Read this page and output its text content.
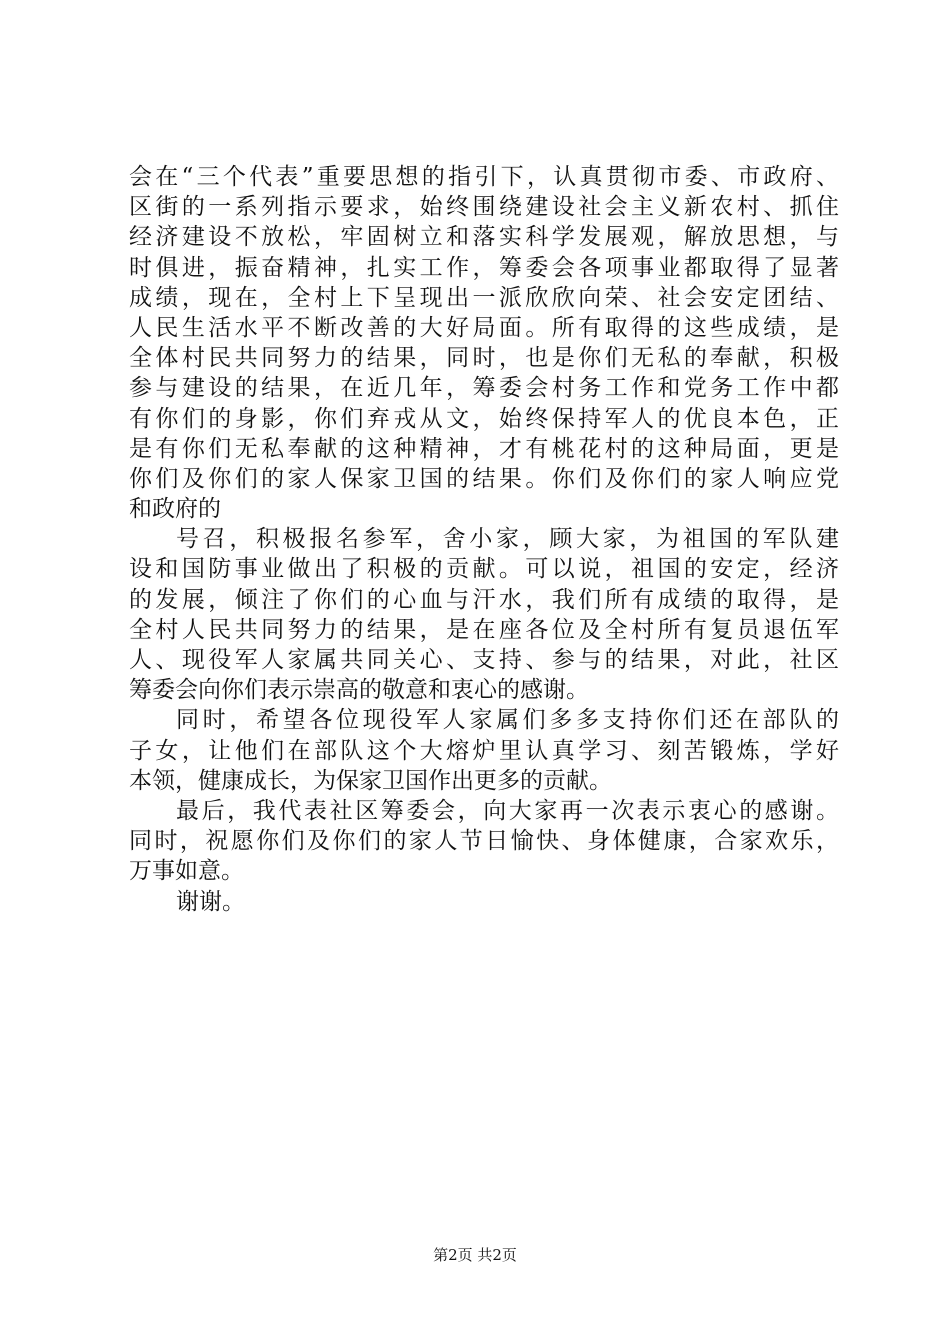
会在“三个代表”重要思想的指引下，认真贯彻市委、市政府、
区街的一系列指示要求，始终围绕建设社会主义新农村、抓住
经济建设不放松，牢固树立和落实科学发展观，解放思想，与
时俱进，振奋精神，扎实工作，筹委会各项事业都取得了显著
成绩，现在，全村上下呈现出一派欣欣向荣、社会安定团结、
人民生活水平不断改善的大好局面。所有取得的这些成绩，是
全体村民共同努力的结果，同时，也是你们无私的奉献，积极
参与建设的结果，在近几年，筹委会村务工作和党务工作中都
有你们的身影，你们弃戎从文，始终保持军人的优良本色，正
是有你们无私奉献的这种精神，才有桃花村的这种局面，更是
你们及你们的家人保家卫国的结果。你们及你们的家人响应党
和政府的
号召，积极报名参军，舍小家，顾大家，为祖国的军队建
设和国防事业做出了积极的贡献。可以说，祖国的安定，经济
的发展，倾注了你们的心血与汗水，我们所有成绩的取得，是
全村人民共同努力的结果，是在座各位及全村所有复员退伍军
人、现役军人家属共同关心、支持、参与的结果，对此，社区
筹委会向你们表示崇高的敬意和衷心的感谢。
同时，希望各位现役军人家属们多多支持你们还在部队的
子女，让他们在部队这个大熔炉里认真学习、刻苦锻炼，学好
本领，健康成长，为保家卫国作出更多的贡献。
最后，我代表社区筹委会，向大家再一次表示衷心的感谢。
同时，祝愿你们及你们的家人节日愉快、身体健康，合家欢乐，
万事如意。
谢谢。
第2页 共2页
